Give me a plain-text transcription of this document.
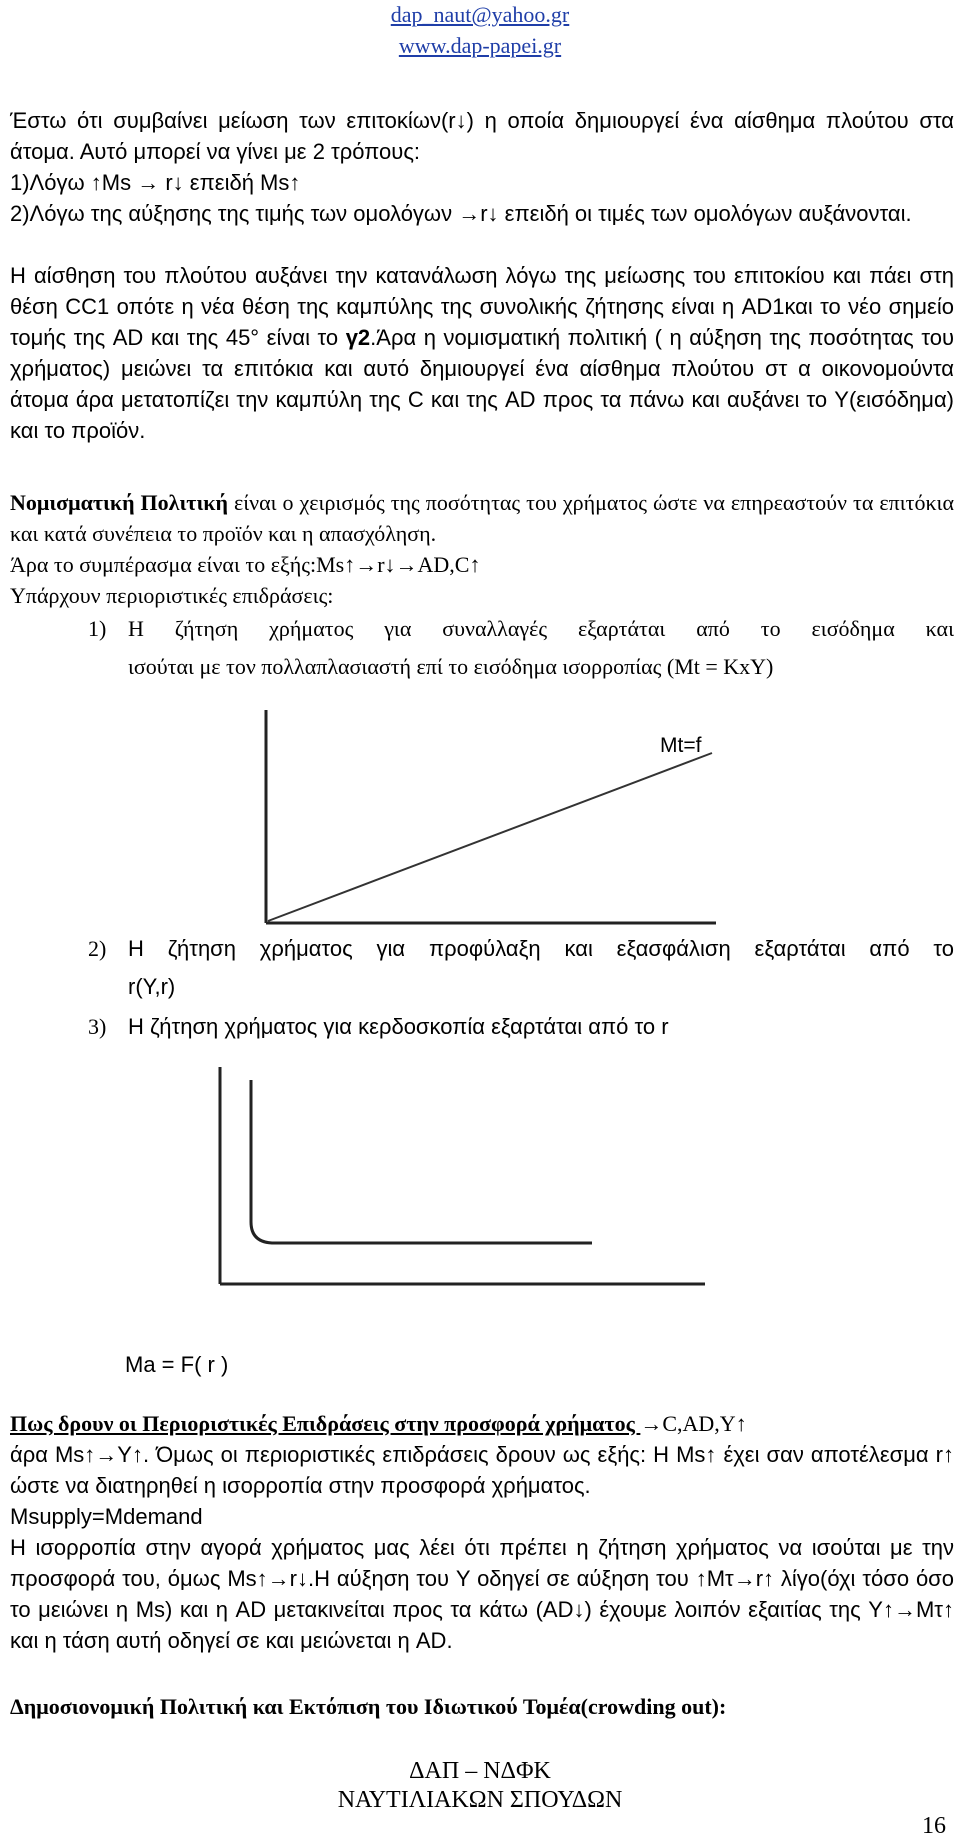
dap_naut@yahoo.gr
www.dap-papei.gr
Έστω ότι συμβαίνει μείωση των επιτοκίων(r↓) η οποία δημιουργεί ένα αίσθημα πλούτου στα άτομα. Αυτό μπορεί να γίνει με 2 τρόπους:
1)Λόγω ↑Ms → r↓ επειδή Ms↑
2)Λόγω της αύξησης της τιμής των ομολόγων →r↓ επειδή οι τιμές των ομολόγων αυξάνονται.
Η αίσθηση του πλούτου αυξάνει την κατανάλωση λόγω της μείωσης του επιτοκίου και πάει στη θέση CC1 οπότε η νέα θέση της καμπύλης της συνολικής ζήτησης είναι η AD1και το νέο σημείο τομής της AD και της 45° είναι το γ2.Άρα η νομισματική πολιτική ( η αύξηση της ποσότητας του χρήματος) μειώνει τα επιτόκια και αυτό δημιουργεί ένα αίσθημα πλούτου στ α οικονομούντα άτομα άρα μετατοπίζει την καμπύλη της C και της AD προς τα πάνω και αυξάνει το Y(εισόδημα) και το προϊόν.
Νομισματική Πολιτική είναι ο χειρισμός της ποσότητας του χρήματος ώστε να επηρεαστούν τα επιτόκια και κατά συνέπεια το προϊόν και η απασχόληση.
Άρα το συμπέρασμα είναι το εξής:Ms↑→r↓→AD,C↑
Υπάρχουν περιοριστικές επιδράσεις:
1) Η ζήτηση χρήματος για συναλλαγές εξαρτάται από το εισόδημα και
ισούται με τον πολλαπλασιαστή επί το εισόδημα ισορροπίας (Mt = KxY)
Mt=f
2) Η ζήτηση χρήματος για προφύλαξη και εξασφάλιση εξαρτάται από το
r(Y,r)
3) Η ζήτηση χρήματος για κερδοσκοπία εξαρτάται από το r
Ma = F( r )
Πως δρουν οι Περιοριστικές Επιδράσεις στην προσφορά χρήματος →C,AD,Y↑
άρα Ms↑→Y↑. Όμως οι περιοριστικές επιδράσεις δρουν ως εξής: Η Ms↑ έχει σαν αποτέλεσμα r↑ ώστε να διατηρηθεί η ισορροπία στην προσφορά χρήματος.
Msupply=Mdemand
Η ισορροπία στην αγορά χρήματος μας λέει ότι πρέπει η ζήτηση χρήματος να ισούται με την προσφορά του, όμως Ms↑→r↓.Η αύξηση του Y οδηγεί σε αύξηση του ↑Mτ→r↑ λίγο(όχι τόσο όσο το μειώνει η Ms) και η AD μετακινείται προς τα κάτω (AD↓) έχουμε λοιπόν εξαιτίας της Y↑→Mτ↑ και η τάση αυτή οδηγεί σε και μειώνεται η AD.
Δημοσιονομική Πολιτική και Εκτόπιση του Ιδιωτικού Τομέα(crowding out):
ΔΑΠ – ΝΔΦΚ
ΝΑΥΤΙΛΙΑΚΩΝ ΣΠΟΥΔΩΝ
16
